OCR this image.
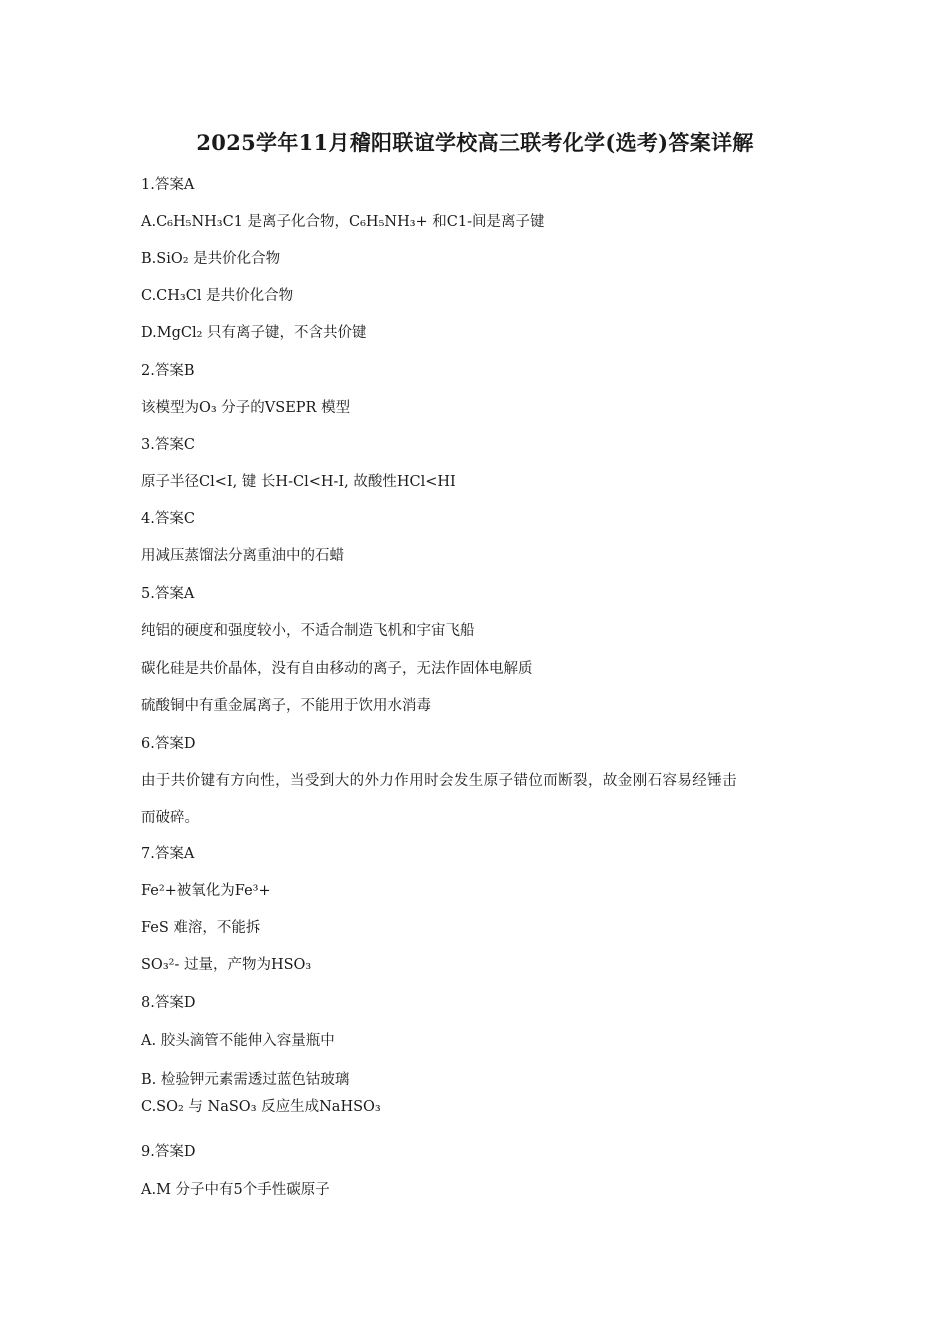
2025学年11月稽阳联谊学校高三联考化学(选考)答案详解
1.答案A
A.C₆H₅NH₃C1 是离子化合物，C₆H₅NH₃+ 和C1-间是离子键
B.SiO₂ 是共价化合物
C.CH₃Cl 是共价化合物
D.MgCl₂ 只有离子键，不含共价键
2.答案B
该模型为O₃ 分子的VSEPR 模型
3.答案C
原子半径Cl<I, 键 长H-Cl<H-I, 故酸性HCl<HI
4.答案C
用减压蒸馏法分离重油中的石蜡
5.答案A
纯铝的硬度和强度较小，不适合制造飞机和宇宙飞船
碳化硅是共价晶体，没有自由移动的离子，无法作固体电解质
硫酸铜中有重金属离子，不能用于饮用水消毒
6.答案D
由于共价键有方向性，当受到大的外力作用时会发生原子错位而断裂，故金刚石容易经锤击
而破碎。
7.答案A
Fe²+被氧化为Fe³+
FeS 难溶，不能拆
SO₃²- 过量，产物为HSO₃
8.答案D
A. 胶头滴管不能伸入容量瓶中
B. 检验钾元素需透过蓝色钴玻璃
C.SO₂ 与 NaSO₃ 反应生成NaHSO₃
9.答案D
A.M 分子中有5个手性碳原子
